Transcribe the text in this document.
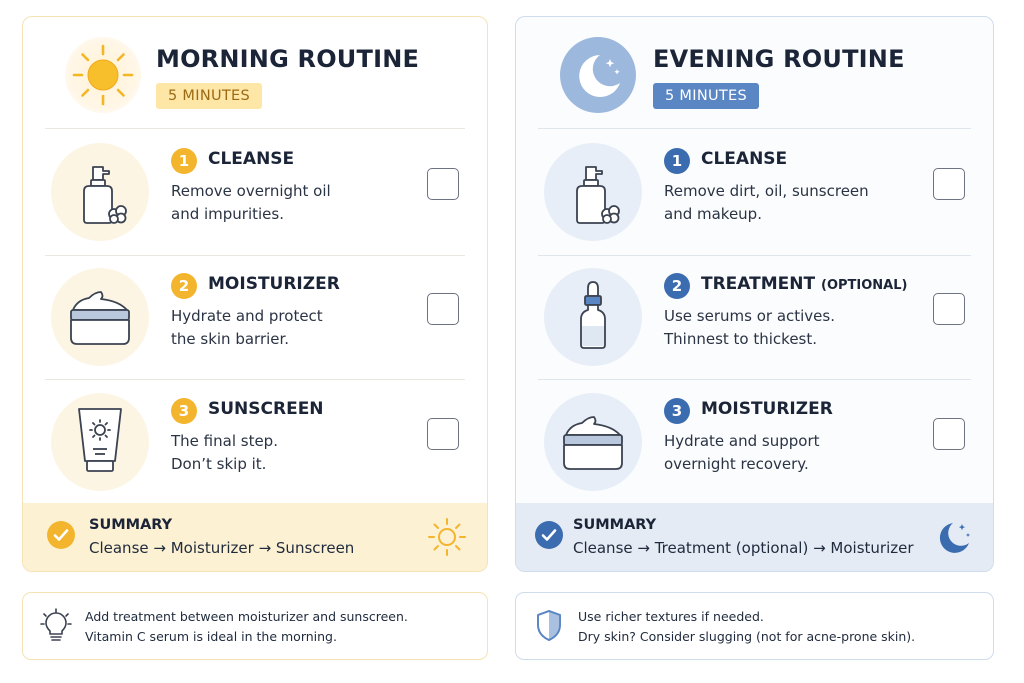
MORNING ROUTINE
5 MINUTES
1	CLEANSE
Remove overnight oil
and impurities.
2	MOISTURIZER
Hydrate and protect
the skin barrier.
3	SUNSCREEN
The final step.
Don’t skip it.
SUMMARY
Cleanse → Moisturizer → Sunscreen
EVENING ROUTINE
5 MINUTES
1	CLEANSE
Remove dirt, oil, sunscreen
and makeup.
2	TREATMENT (OPTIONAL)
Use serums or actives.
Thinnest to thickest.
3	MOISTURIZER
Hydrate and support
overnight recovery.
SUMMARY
Cleanse → Treatment (optional) → Moisturizer
Add treatment between moisturizer and sunscreen.
Vitamin C serum is ideal in the morning.
Use richer textures if needed.
Dry skin? Consider slugging (not for acne-prone skin).
